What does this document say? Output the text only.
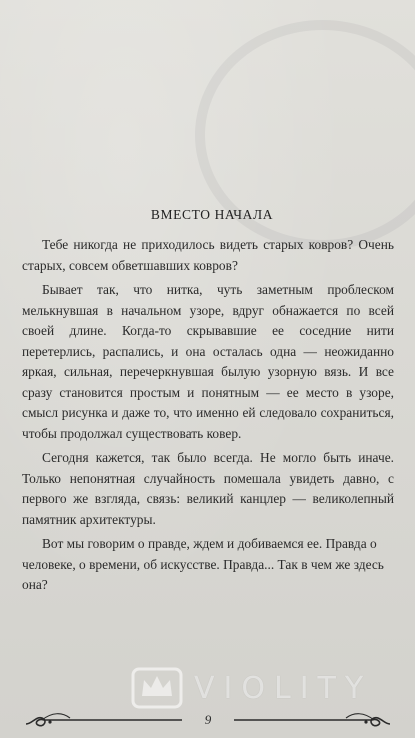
ВМЕСТО НАЧАЛА

Тебе никогда не приходилось видеть старых ковров? Очень старых, совсем обветшавших ковров?

Бывает так, что нитка, чуть заметным проблеском мелькнувшая в начальном узоре, вдруг обнажается по всей своей длине. Когда-то скрывавшие ее соседние нити перетерлись, распались, и она осталась одна — неожиданно яркая, сильная, перечеркнувшая былую узорную вязь. И все сразу становится простым и понятным — ее место в узоре, смысл рисунка и даже то, что именно ей следовало сохраниться, чтобы продолжал существовать ковер.

Сегодня кажется, так было всегда. Не могло быть иначе. Только непонятная случайность помешала увидеть давно, с первого же взгляда, связь: великий канцлер — великолепный памятник архитектуры.

Вот мы говорим о правде, ждем и добиваемся ее. Правда о человеке, о времени, об искусстве. Правда... Так в чем же здесь она?

VIOLITY
9
